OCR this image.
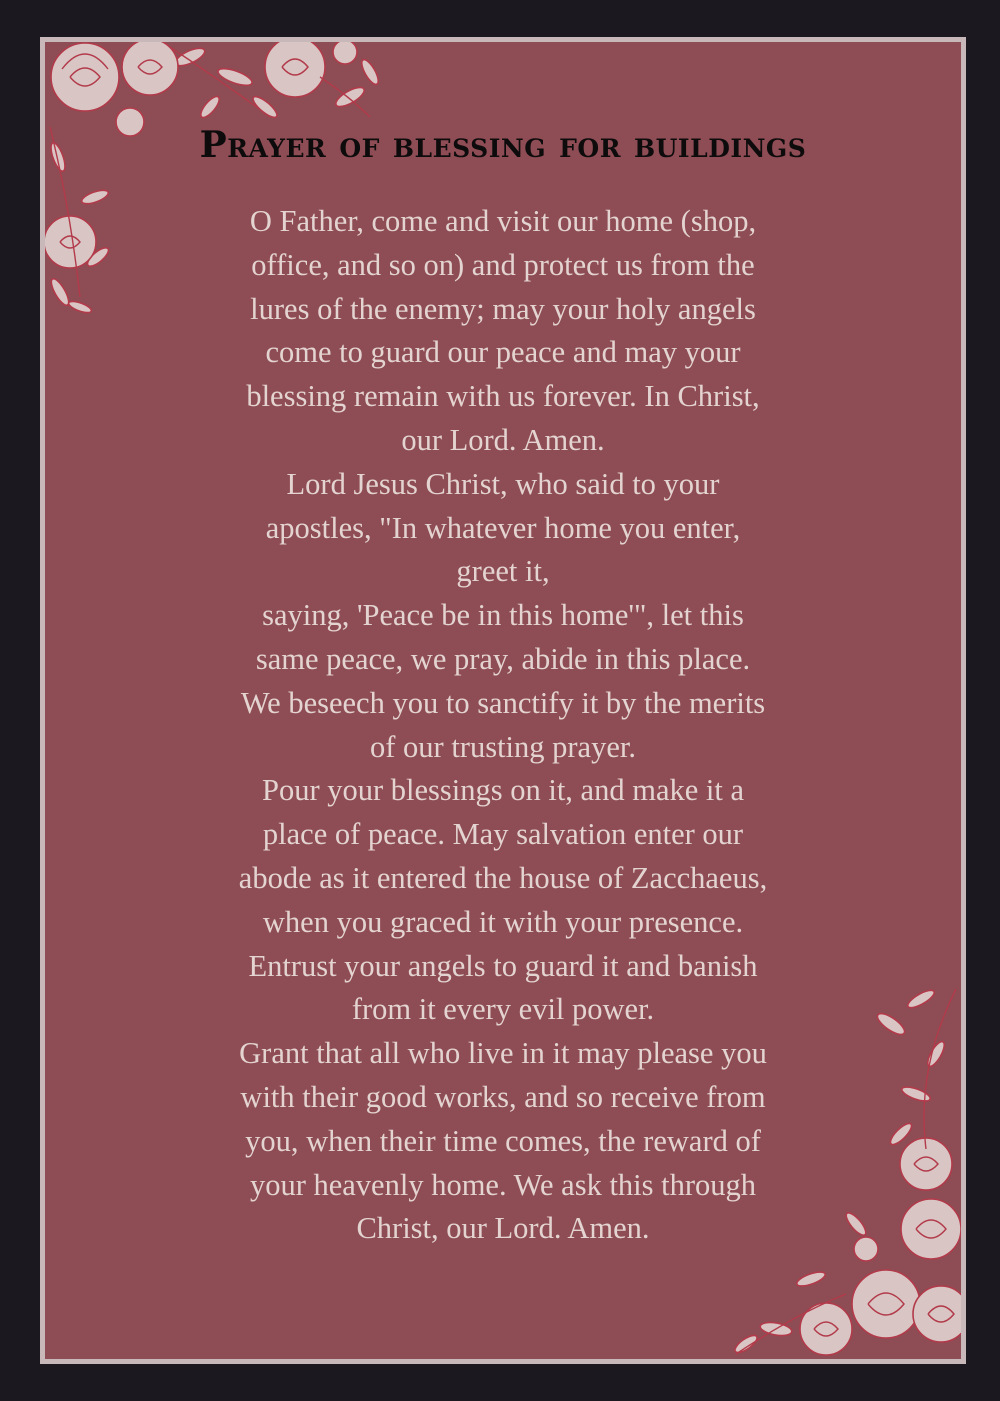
Prayer of blessing for buildings
O Father, come and visit our home (shop,
office, and so on) and protect us from the
lures of the enemy; may your holy angels
come to guard our peace and may your
blessing remain with us forever. In Christ,
our Lord. Amen.
Lord Jesus Christ, who said to your
apostles, "In whatever home you enter,
greet it,
saying, 'Peace be in this home'", let this
same peace, we pray, abide in this place.
We beseech you to sanctify it by the merits
of our trusting prayer.
Pour your blessings on it, and make it a
place of peace. May salvation enter our
abode as it entered the house of Zacchaeus,
when you graced it with your presence.
Entrust your angels to guard it and banish
from it every evil power.
Grant that all who live in it may please you
with their good works, and so receive from
you, when their time comes, the reward of
your heavenly home. We ask this through
Christ, our Lord. Amen.
